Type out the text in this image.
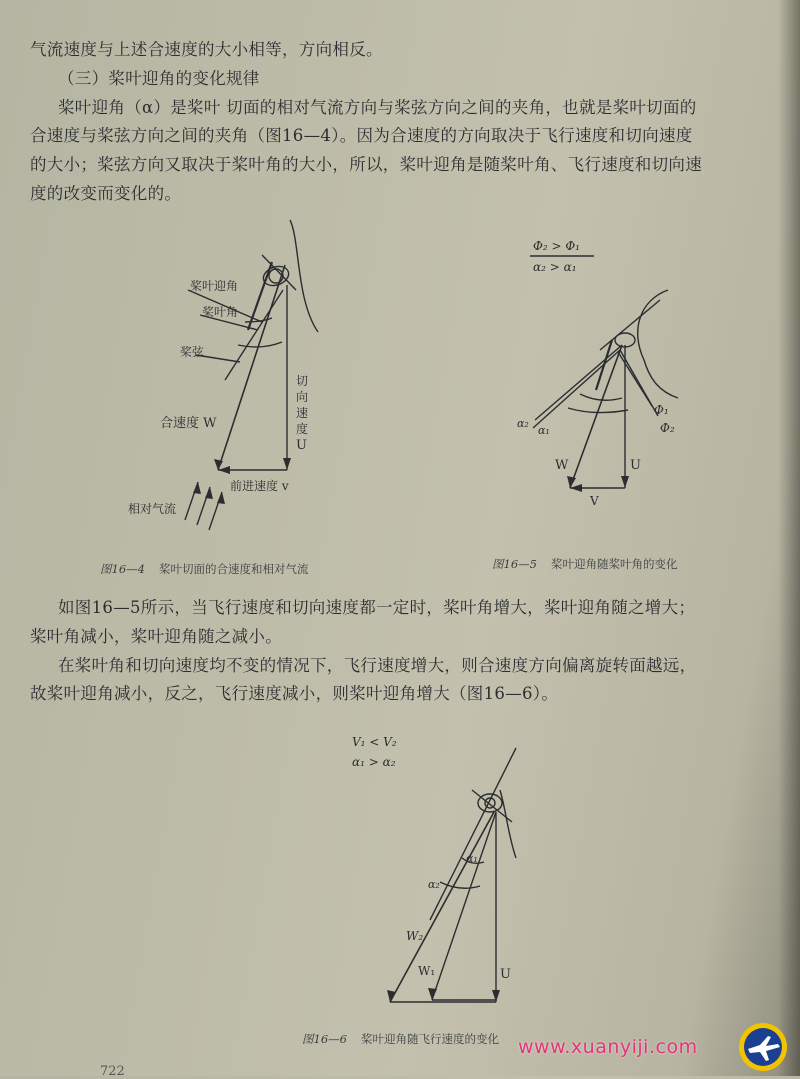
气流速度与上述合速度的大小相等，方向相反。
（三）桨叶迎角的变化规律
桨叶迎角（α）是桨叶 切面的相对气流方向与桨弦方向之间的夹角，也就是桨叶切面的
合速度与桨弦方向之间的夹角（图16—4）。因为合速度的方向取决于飞行速度和切向速度
的大小；桨弦方向又取决于桨叶角的大小，所以，桨叶迎角是随桨叶角、飞行速度和切向速
度的改变而变化的。
桨叶迎角
桨叶角
桨弦
合速度 W
切
向
速
度
U
前进速度 v
相对气流
图16—4 桨叶切面的合速度和相对气流
Φ₂ > Φ₁
α₂ > α₁
α₂
α₁
Φ₁
Φ₂
W	U
V
图16—5 桨叶迎角随桨叶角的变化
如图16—5所示，当飞行速度和切向速度都一定时，桨叶角增大，桨叶迎角随之增大；
桨叶角减小，桨叶迎角随之减小。
在桨叶角和切向速度均不变的情况下，飞行速度增大，则合速度方向偏离旋转面越远，
故桨叶迎角减小，反之，飞行速度减小，则桨叶迎角增大（图16—6）。
V₁ < V₂
α₁ > α₂
α₁
α₂
W₂
W₁	U
图16—6 桨叶迎角随飞行速度的变化
722
www.xuanyiji.com
